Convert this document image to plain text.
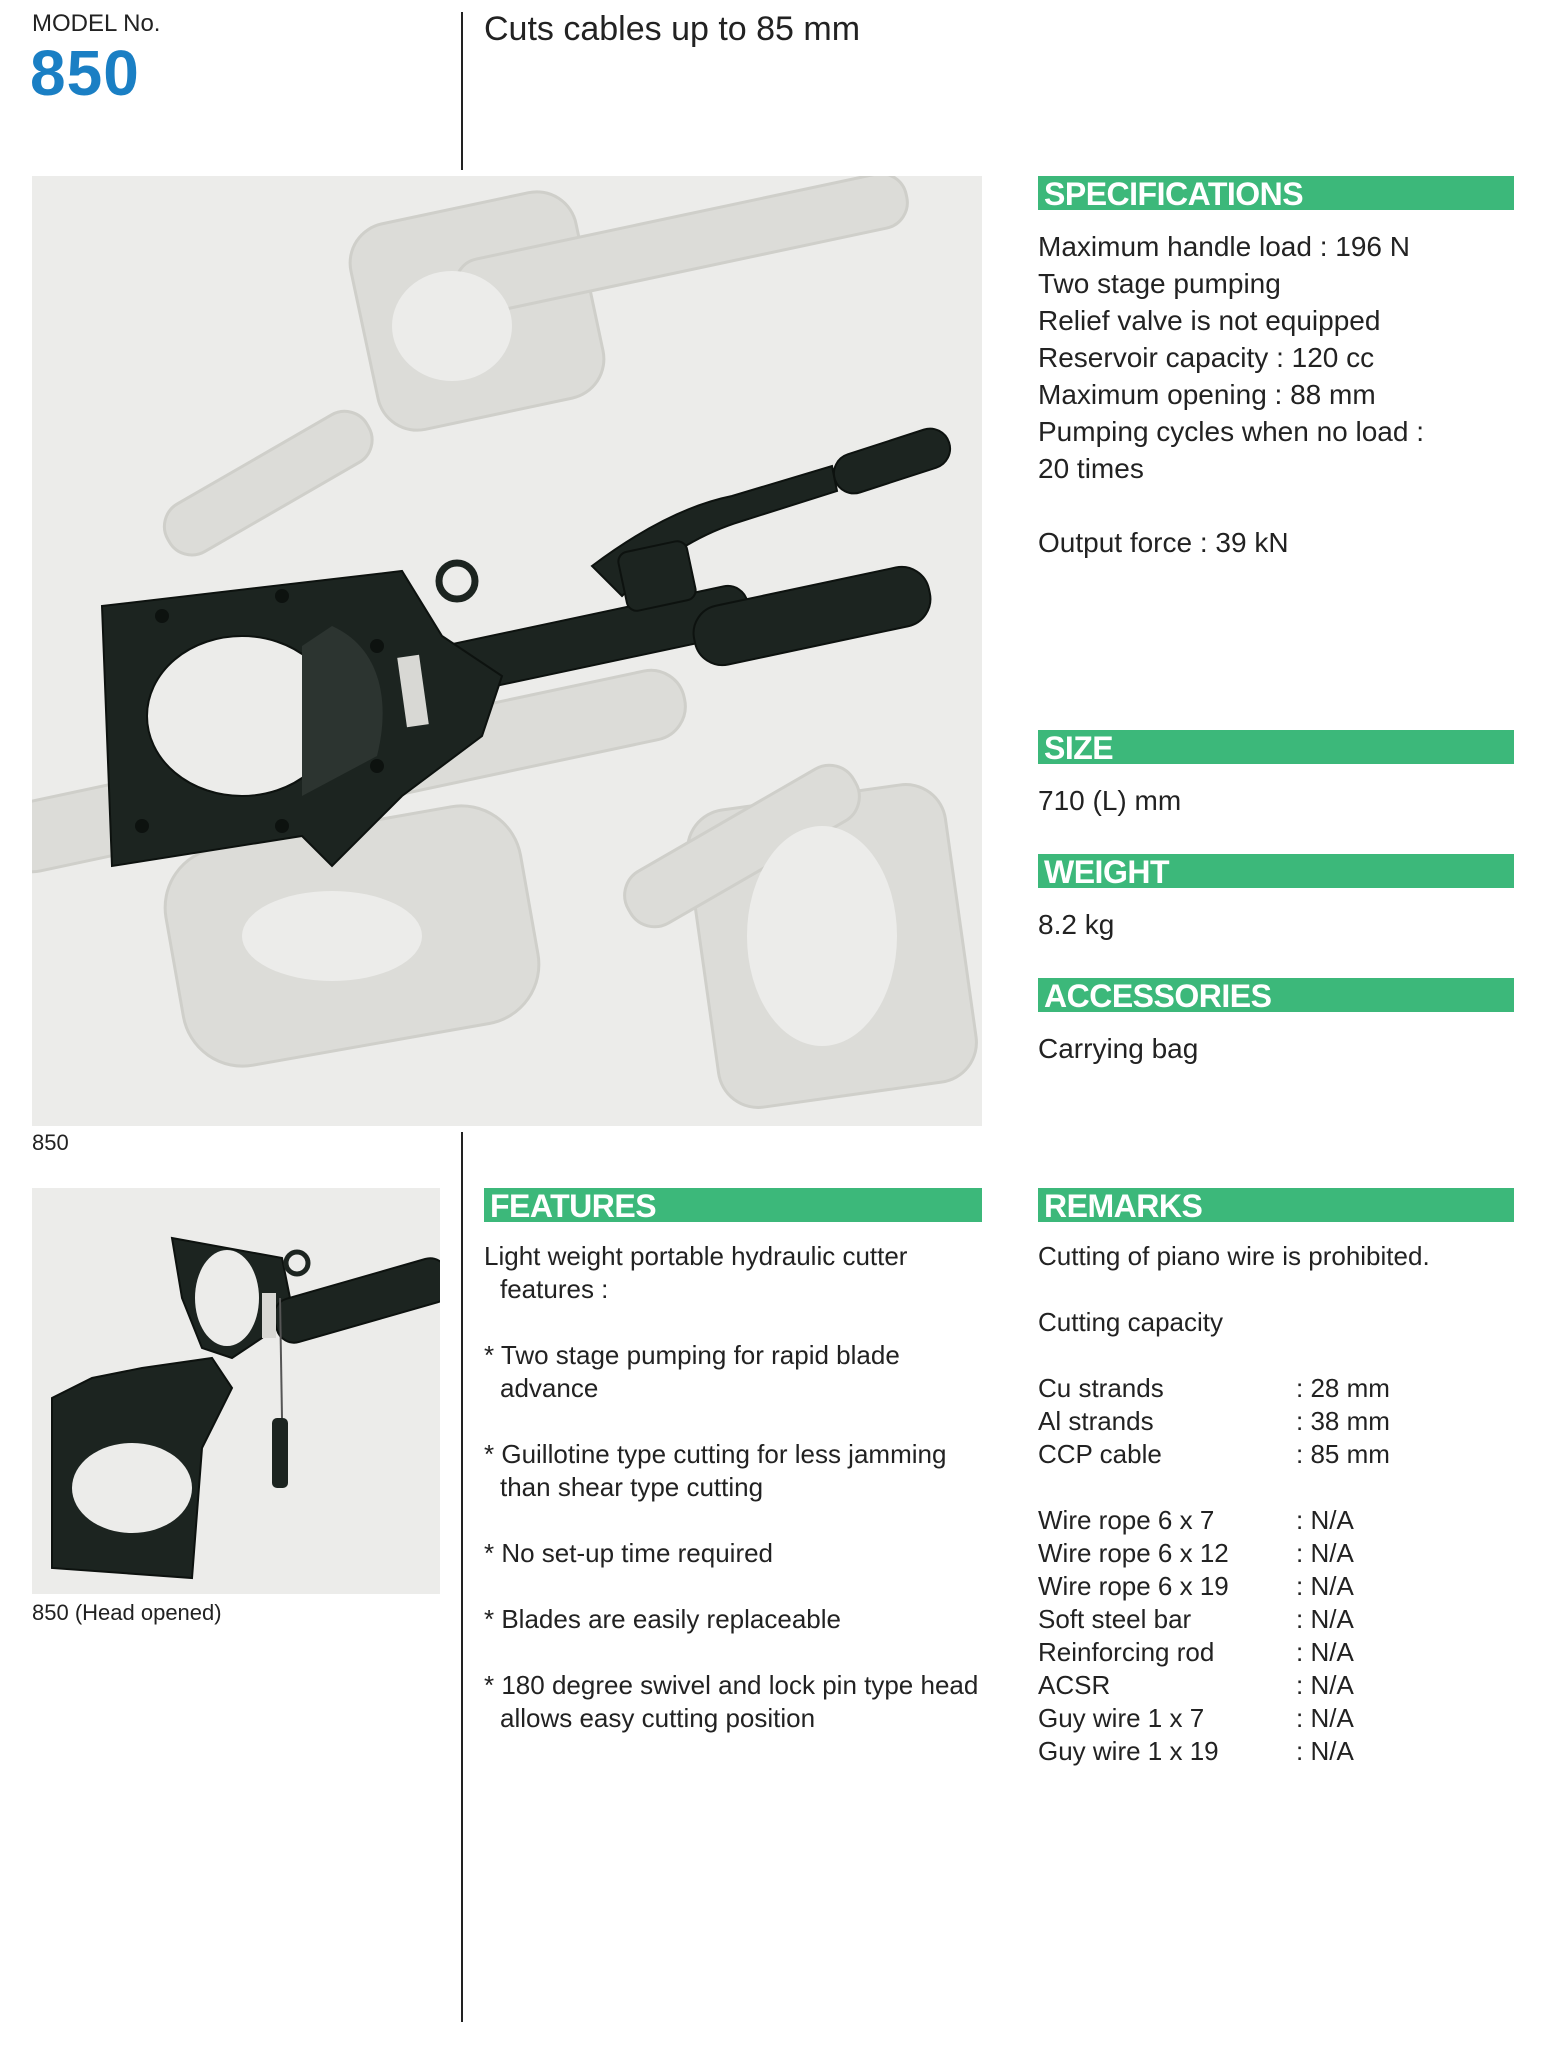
MODEL No.
850
Cuts cables up to 85 mm
850
SPECIFICATIONS
Maximum handle load : 196 N
Two stage pumping
Relief valve is not equipped
Reservoir capacity : 120 cc
Maximum opening : 88 mm
Pumping cycles when no load :
20 times
Output force : 39 kN
SIZE
710 (L) mm
WEIGHT
8.2 kg
ACCESSORIES
Carrying bag
850 (Head opened)
FEATURES
Light weight portable hydraulic cutter features :
* Two stage pumping for rapid blade advance
* Guillotine type cutting for less jamming than shear type cutting
* No set-up time required
* Blades are easily replaceable
* 180 degree swivel and lock pin type head allows easy cutting position
REMARKS
Cutting of piano wire is prohibited.
Cutting capacity
Cu strands	: 28 mm
Al strands	: 38 mm
CCP cable	: 85 mm

Wire rope 6 x 7	: N/A
Wire rope 6 x 12	: N/A
Wire rope 6 x 19	: N/A
Soft steel bar	: N/A
Reinforcing rod	: N/A
ACSR	: N/A
Guy wire 1 x 7	: N/A
Guy wire 1 x 19	: N/A
